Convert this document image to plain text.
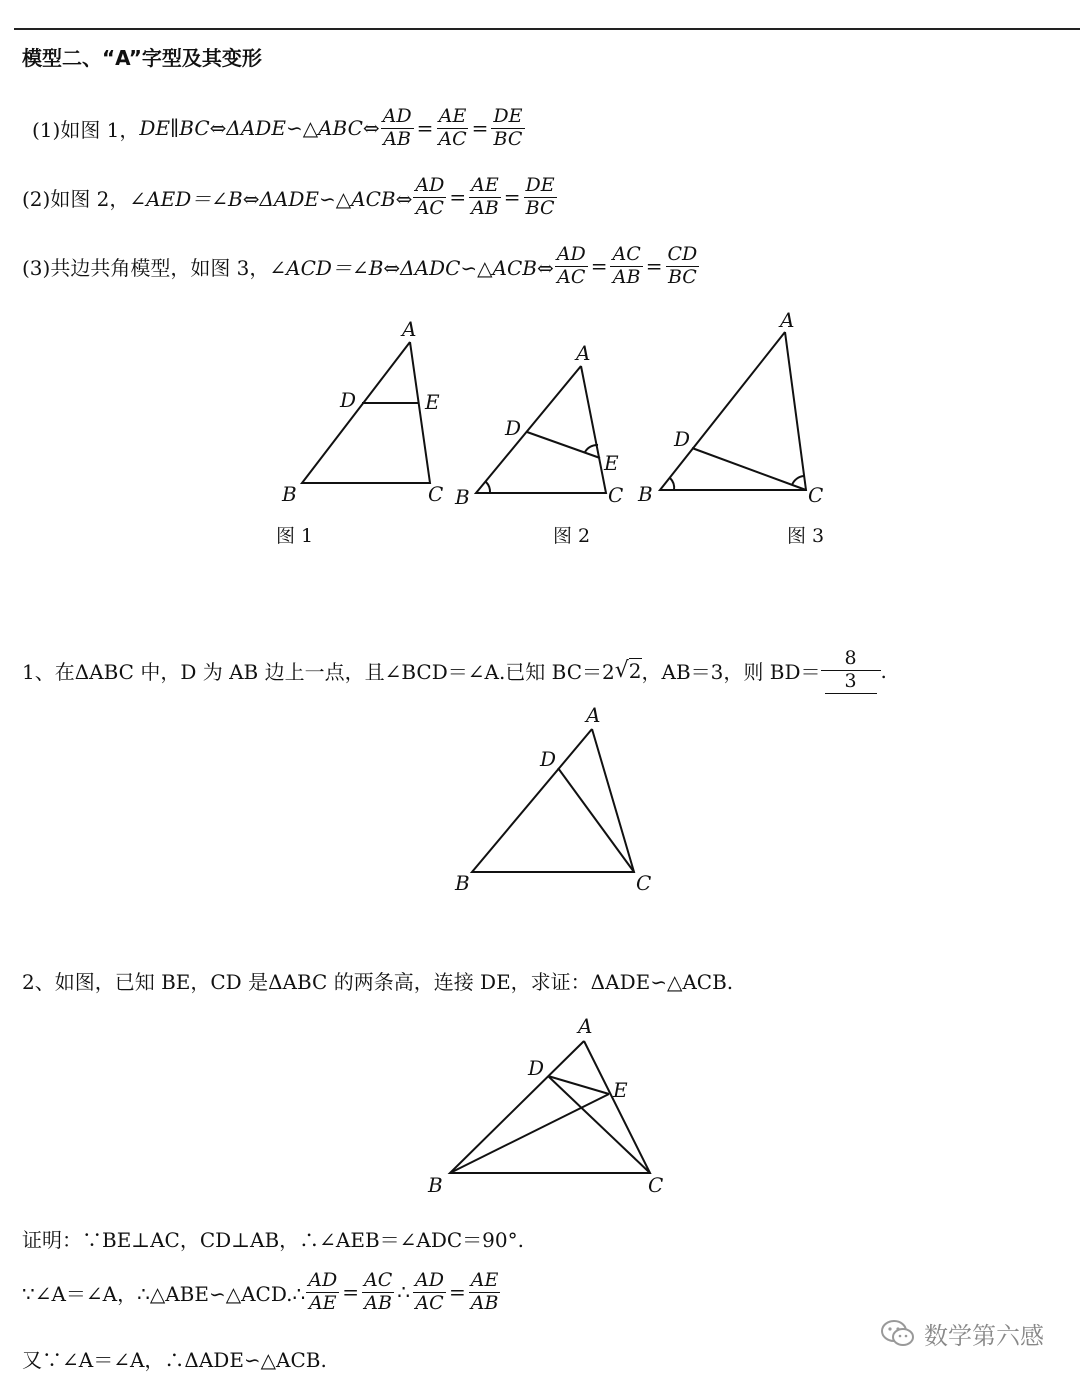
模型二、“A”字型及其变形
(1)如图 1， DE∥BC⇔ΔADE∽△ABC⇔ $\frac{AD}{AB} = \frac{AE}{AC} = \frac{DE}{BC}$
(2)如图 2， ∠AED＝∠B⇔ΔADE∽△ACB⇔ $\frac{AD}{AC} = \frac{AE}{AB} = \frac{DE}{BC}$
(3)共边共角模型，如图 3， ∠ACD＝∠B⇔ΔADC∽△ACB⇔ $\frac{AD}{AC} = \frac{AC}{AB} = \frac{CD}{BC}$
A
B	C
D	E
图 1
A
B	C
D
E
图 2
A
B	C
D
图 3
1、在ΔABC 中，D 为 AB 边上一点，且∠BCD＝∠A.已知 BC＝2 √ 2 ，AB＝3，则 $BD= \frac{8}{3}$ .
A
B	C
D
2、如图，已知 BE，CD 是ΔABC 的两条高，连接 DE，求证：ΔADE∽△ACB.
A
B	C
D
E
证明：∵BE⊥AC，CD⊥AB，∴∠AEB＝∠ADC＝90°.
∵∠A＝∠A，∴△ABE∽△ACD.∴ $\frac{AD}{AE} = \frac{AC}{AB}$ ∴ $\frac{AD}{AC} = \frac{AE}{AB}$
又∵∠A＝∠A，∴ΔADE∽△ACB.
数学第六感
